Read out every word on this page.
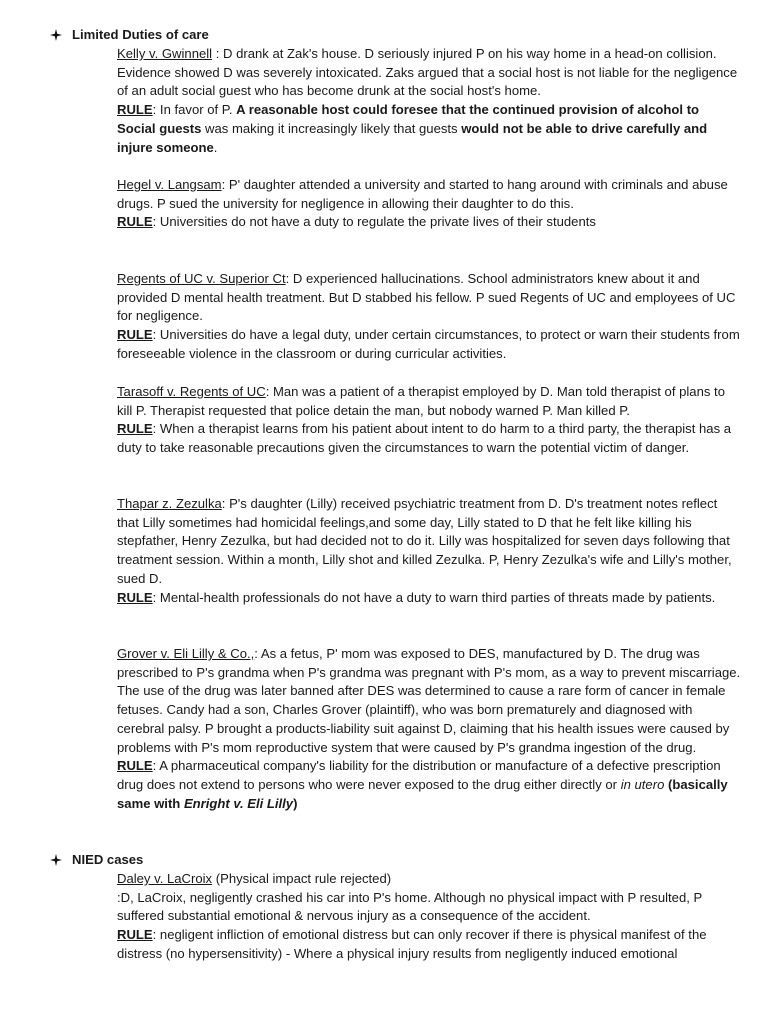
Limited Duties of care

Kelly v. Gwinnell : D drank at Zak's house. D seriously injured P on his way home in a head-on collision. Evidence showed D was severely intoxicated. Zaks argued that a social host is not liable for the negligence of an adult social guest who has become drunk at the social host's home.

RULE: In favor of P. A reasonable host could foresee that the continued provision of alcohol to Social guests was making it increasingly likely that guests would not be able to drive carefully and injure someone.

Hegel v. Langsam: P' daughter attended a university and started to hang around with criminals and abuse drugs. P sued the university for negligence in allowing their daughter to do this.

RULE: Universities do not have a duty to regulate the private lives of their students

Regents of UC v. Superior Ct: D experienced hallucinations. School administrators knew about it and provided D mental health treatment. But D stabbed his fellow. P sued Regents of UC and employees of UC for negligence.

RULE: Universities do have a legal duty, under certain circumstances, to protect or warn their students from foreseeable violence in the classroom or during curricular activities.

Tarasoff v. Regents of UC: Man was a patient of a therapist employed by D. Man told therapist of plans to kill P. Therapist requested that police detain the man, but nobody warned P. Man killed P.

RULE: When a therapist learns from his patient about intent to do harm to a third party, the therapist has a duty to take reasonable precautions given the circumstances to warn the potential victim of danger.

Thapar z. Zezulka: P's daughter (Lilly) received psychiatric treatment from D. D's treatment notes reflect that Lilly sometimes had homicidal feelings,and some day, Lilly stated to D that he felt like killing his stepfather, Henry Zezulka, but had decided not to do it. Lilly was hospitalized for seven days following that treatment session. Within a month, Lilly shot and killed Zezulka. P, Henry Zezulka's wife and Lilly's mother, sued D.

RULE: Mental-health professionals do not have a duty to warn third parties of threats made by patients.

Grover v. Eli Lilly & Co.,: As a fetus, P' mom was exposed to DES, manufactured by D. The drug was prescribed to P's grandma when P's grandma was pregnant with P's mom, as a way to prevent miscarriage. The use of the drug was later banned after DES was determined to cause a rare form of cancer in female fetuses. Candy had a son, Charles Grover (plaintiff), who was born prematurely and diagnosed with cerebral palsy. P brought a products-liability suit against D, claiming that his health issues were caused by problems with P's mom reproductive system that were caused by P's grandma ingestion of the drug.

RULE: A pharmaceutical company's liability for the distribution or manufacture of a defective prescription drug does not extend to persons who were never exposed to the drug either directly or in utero (basically same with Enright v. Eli Lilly)

NIED cases

Daley v. LaCroix (Physical impact rule rejected)

:D, LaCroix, negligently crashed his car into P's home. Although no physical impact with P resulted, P suffered substantial emotional & nervous injury as a consequence of the accident.

RULE: negligent infliction of emotional distress but can only recover if there is physical manifest of the distress (no hypersensitivity) - Where a physical injury results from negligently induced emotional
